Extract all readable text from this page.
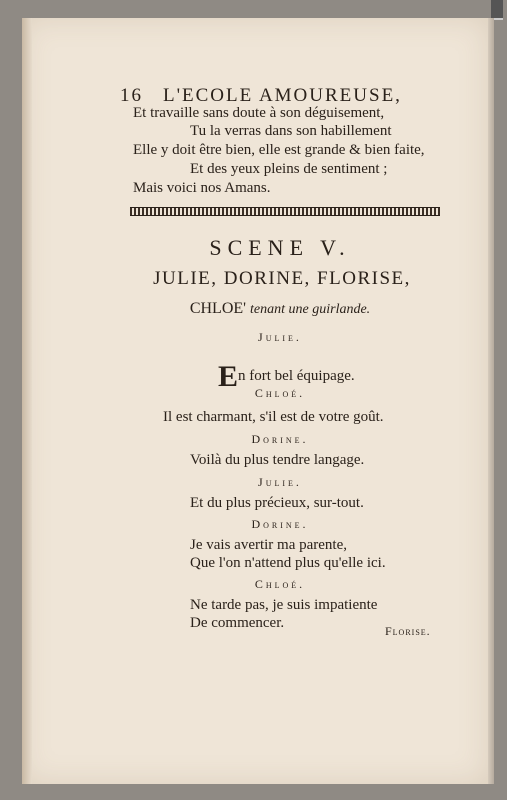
16 L'ECOLE AMOUREUSE,
Et travaille sans doute à son déguisement,
Tu la verras dans son habillement
Elle y doit être bien, elle est grande & bien faite,
Et des yeux pleins de sentiment ;
Mais voici nos Amans.
SCENE V.
JULIE, DORINE, FLORISE,
CHLOE' tenant une guirlande.
Julie.
En fort bel équipage.
Chloé.
Il est charmant, s'il est de votre goût.
Dorine.
Voilà du plus tendre langage.
Julie.
Et du plus précieux, sur-tout.
Dorine.
Je vais avertir ma parente,
Que l'on n'attend plus qu'elle ici.
Chloé.
Ne tarde pas, je suis impatiente
De commencer.	Florise.
